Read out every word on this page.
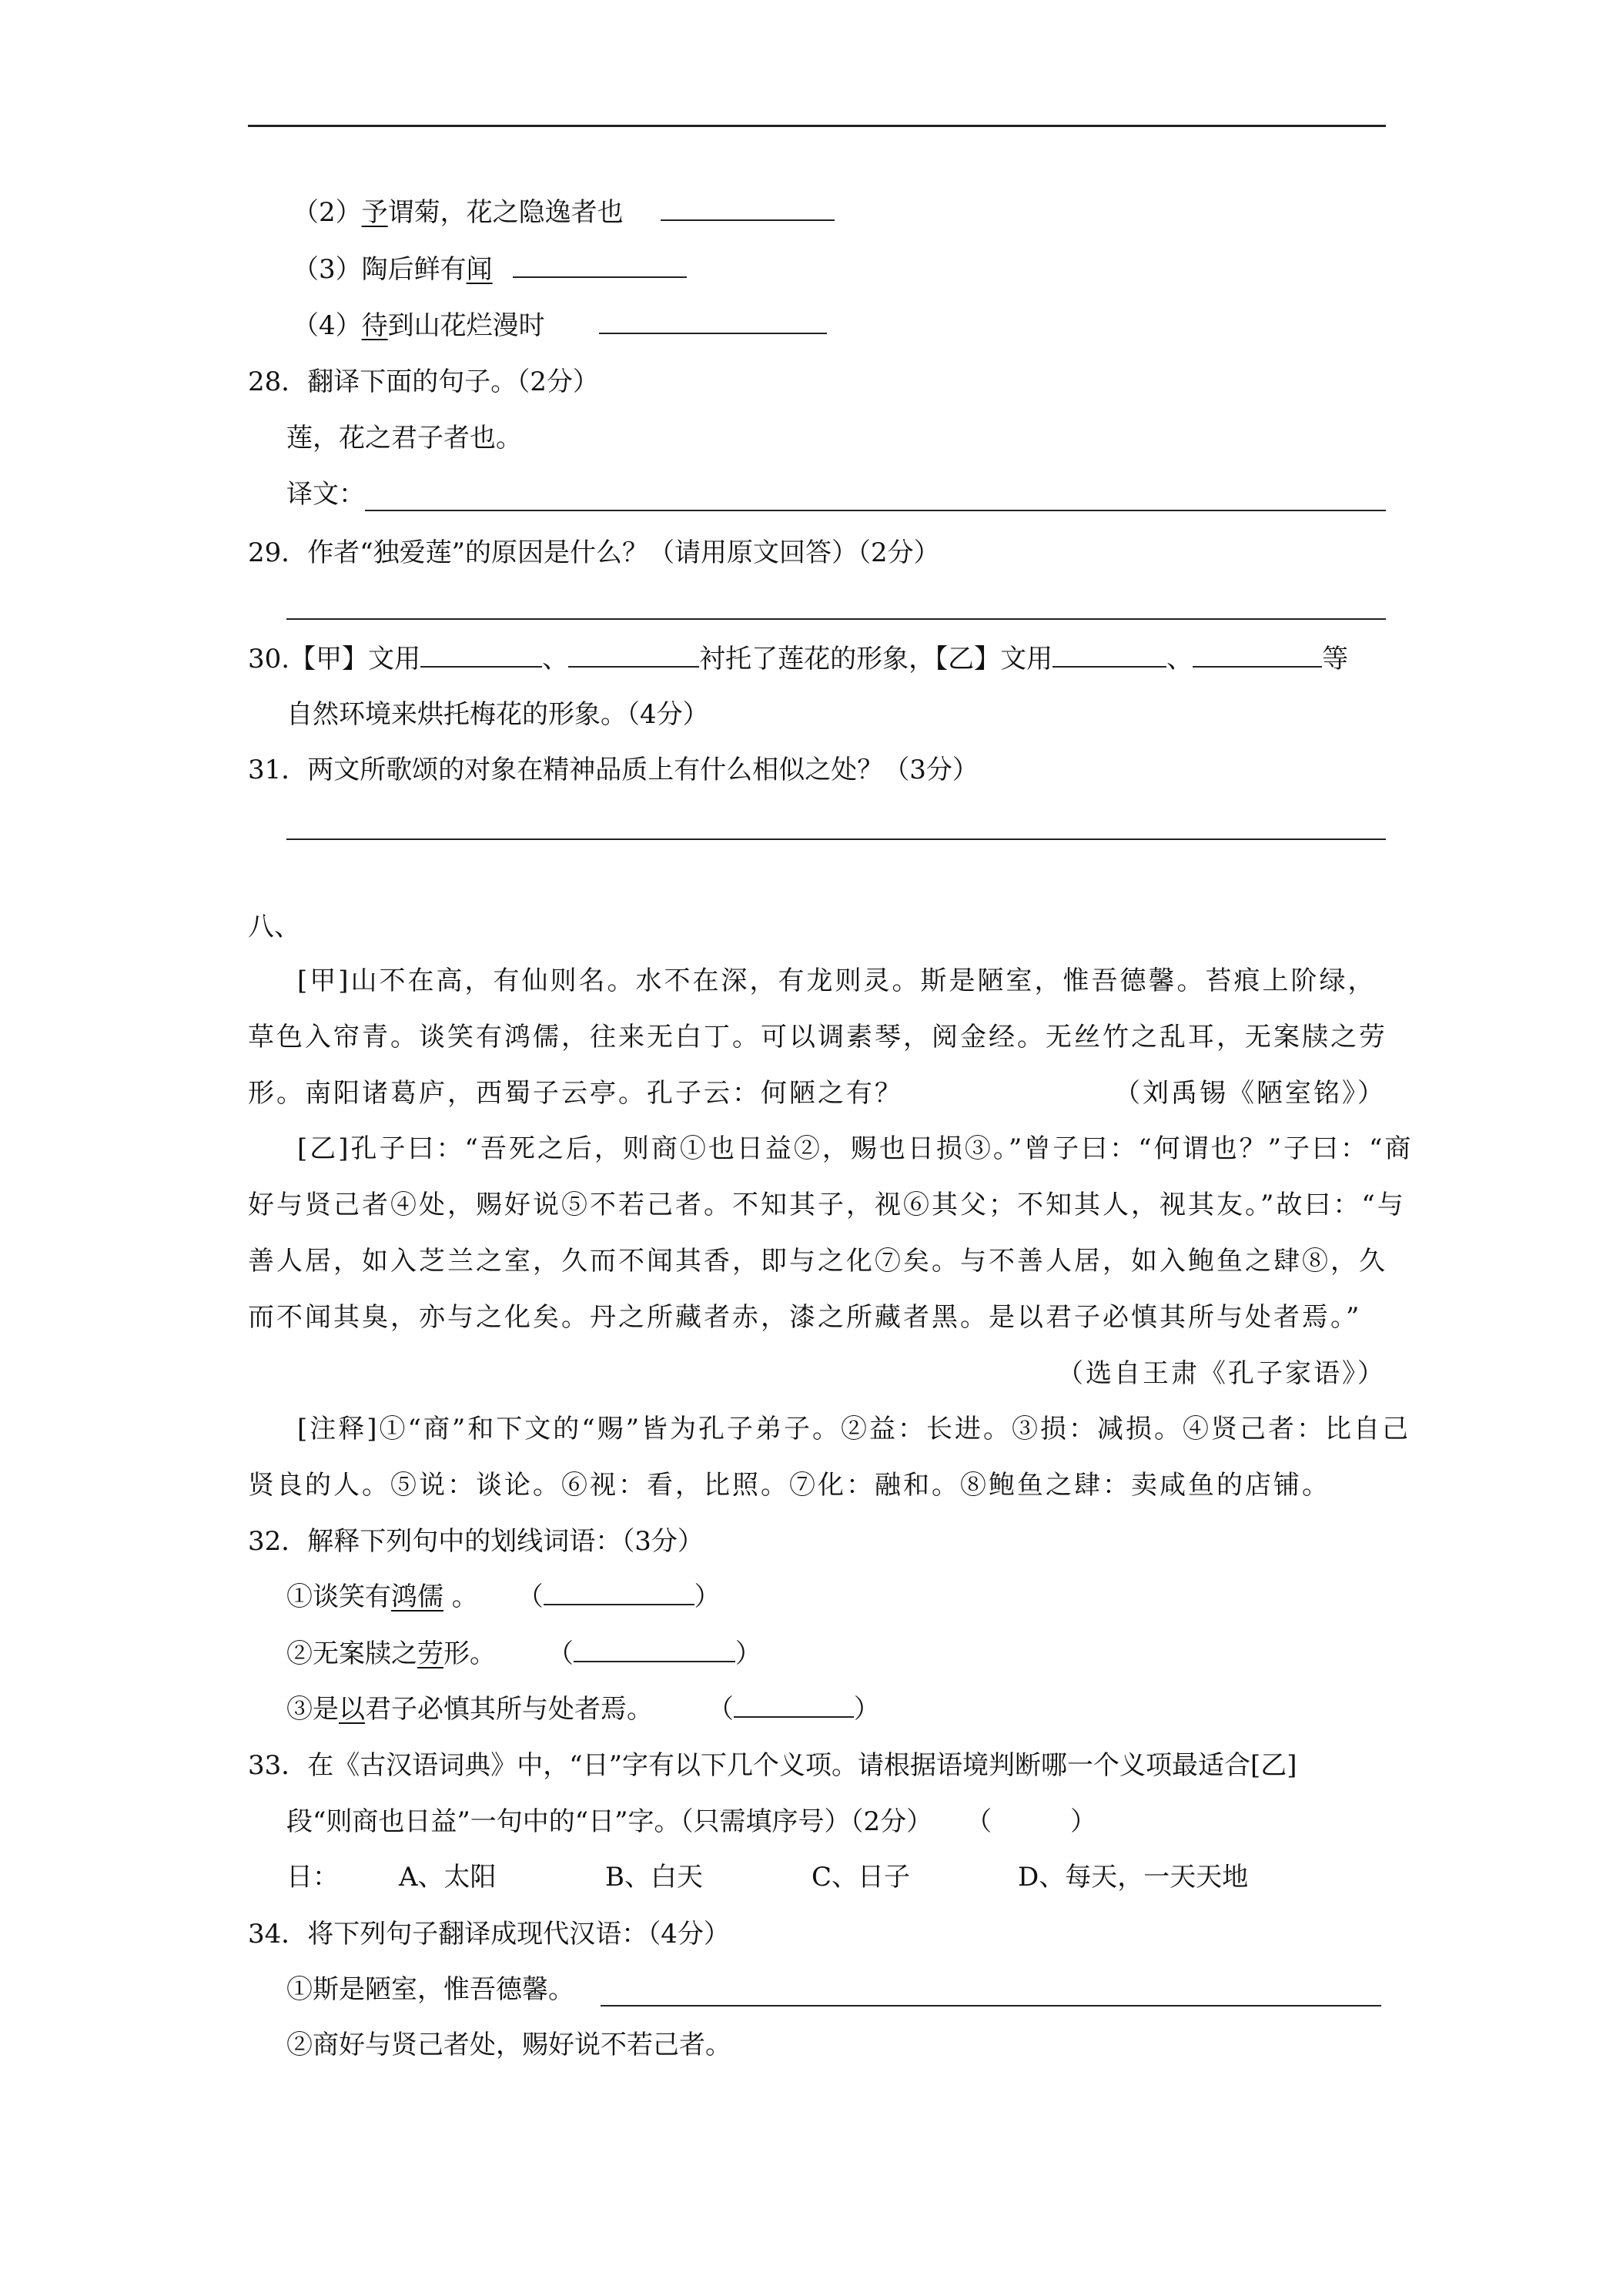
（2）予谓菊，花之隐逸者也
（3）陶后鲜有闻
（4）待到山花烂漫时
28．翻译下面的句子。（2分）
莲，花之君子者也。
译文：
29．作者“独爱莲”的原因是什么？（请用原文回答）（2分）
30.【甲】文用	、	衬托了莲花的形象，【乙】文用	、	等
自然环境来烘托梅花的形象。（4分）
31．两文所歌颂的对象在精神品质上有什么相似之处？（3分）
八、
[甲]山不在高，有仙则名。水不在深，有龙则灵。斯是陋室，惟吾德馨。苔痕上阶绿，
草色入帘青。谈笑有鸿儒，往来无白丁。可以调素琴，阅金经。无丝竹之乱耳，无案牍之劳
形。南阳诸葛庐，西蜀子云亭。孔子云：何陋之有？	（刘禹锡《陋室铭》）
[乙]孔子曰：“吾死之后，则商①也日益②，赐也日损③。”曾子曰：“何谓也？”子曰：“商
好与贤己者④处，赐好说⑤不若己者。不知其子，视⑥其父；不知其人，视其友。”故曰：“与
善人居，如入芝兰之室，久而不闻其香，即与之化⑦矣。与不善人居，如入鲍鱼之肆⑧，久
而不闻其臭，亦与之化矣。丹之所藏者赤，漆之所藏者黑。是以君子必慎其所与处者焉。”
（选自王肃《孔子家语》）
[注释]①“商”和下文的“赐”皆为孔子弟子。②益：长进。③损：减损。④贤己者：比自己
贤良的人。⑤说：谈论。⑥视：看，比照。⑦化：融和。⑧鲍鱼之肆：卖咸鱼的店铺。
32．解释下列句中的划线词语：（3分）
①谈笑有鸿儒 。 （	）
②无案牍之劳形。 （	）
③是以君子必慎其所与处者焉。 （	）
33．在《古汉语词典》中，“日”字有以下几个义项。请根据语境判断哪一个义项最适合[乙]
段“则商也日益”一句中的“日”字。（只需填序号）（2分） （　　　）
日： A、太阳	B、白天	C、日子	D、每天，一天天地
34．将下列句子翻译成现代汉语：（4分）
①斯是陋室，惟吾德馨。
②商好与贤己者处，赐好说不若己者。
